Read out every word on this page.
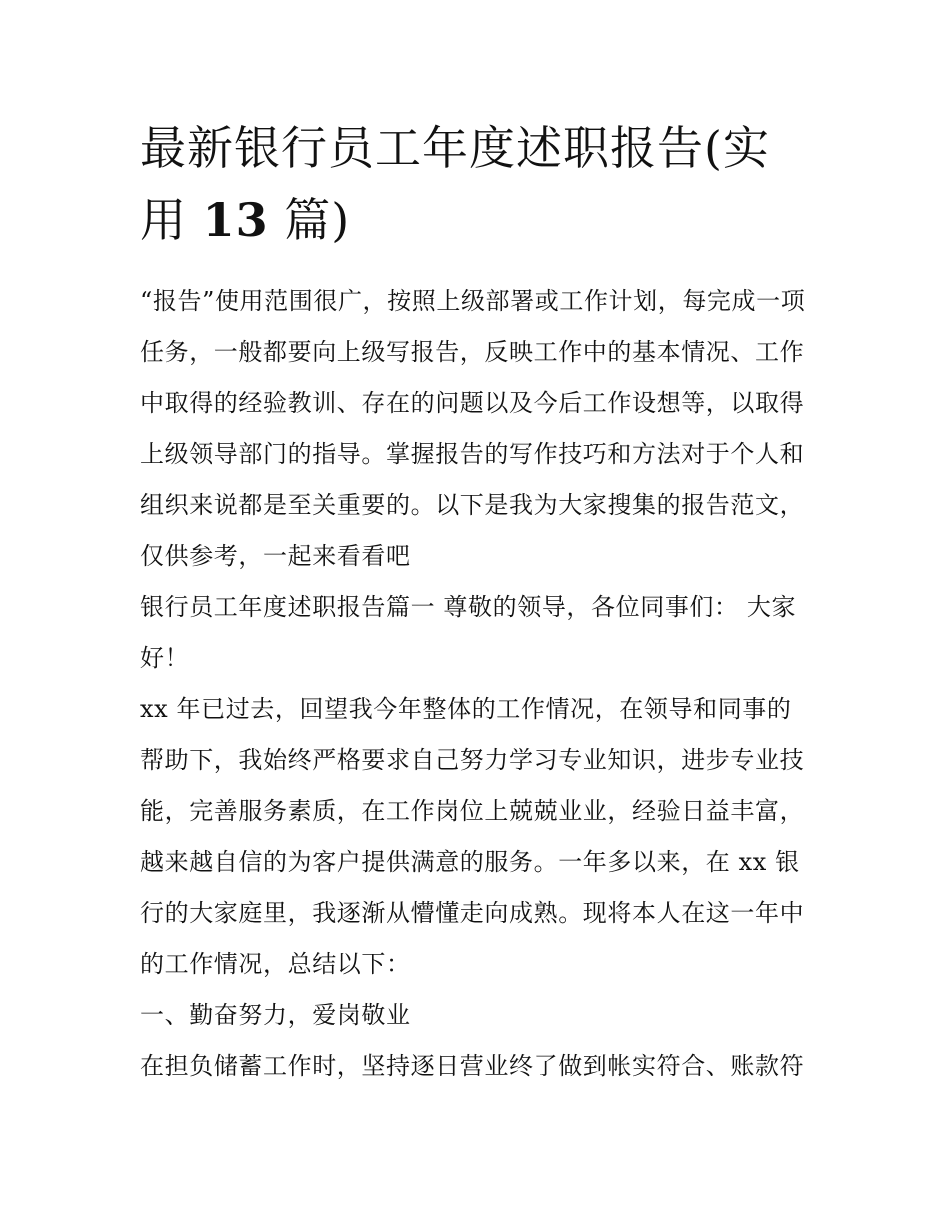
最新银行员工年度述职报告(实
用 13 篇)
“报告”使用范围很广，按照上级部署或工作计划，每完成一项
任务，一般都要向上级写报告，反映工作中的基本情况、工作
中取得的经验教训、存在的问题以及今后工作设想等，以取得
上级领导部门的指导。掌握报告的写作技巧和方法对于个人和
组织来说都是至关重要的。以下是我为大家搜集的报告范文，
仅供参考，一起来看看吧
银行员工年度述职报告篇一 尊敬的领导，各位同事们： 大家
好！
xx 年已过去，回望我今年整体的工作情况，在领导和同事的
帮助下，我始终严格要求自己努力学习专业知识，进步专业技
能，完善服务素质，在工作岗位上兢兢业业，经验日益丰富，
越来越自信的为客户提供满意的服务。一年多以来，在 xx 银
行的大家庭里，我逐渐从懵懂走向成熟。现将本人在这一年中
的工作情况，总结以下：
一、勤奋努力，爱岗敬业
在担负储蓄工作时，坚持逐日营业终了做到帐实符合、账款符
